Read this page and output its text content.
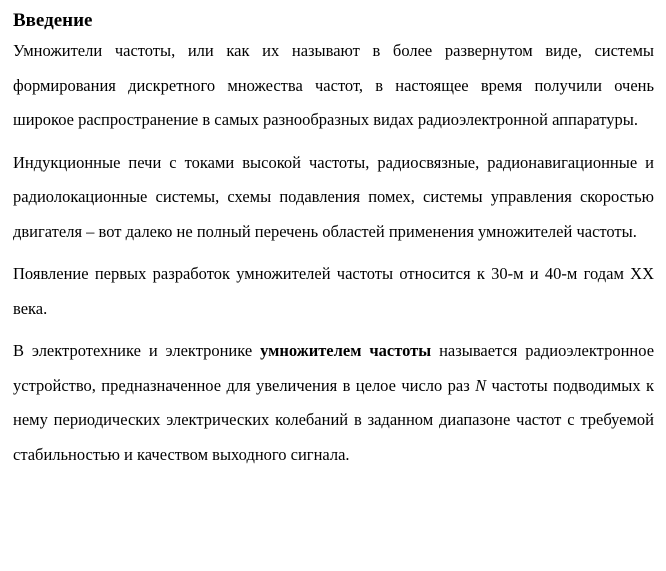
Введение

Умножители частоты, или как их называют в более развернутом виде, системы формирования дискретного множества частот, в настоящее время получили очень широкое распространение в самых разнообразных видах радиоэлектронной аппаратуры.

Индукционные печи с токами высокой частоты, радиосвязные, радионавигационные и радиолокационные системы, схемы подавления помех, системы управления скоростью двигателя – вот далеко не полный перечень областей применения умножителей частоты.

Появление первых разработок умножителей частоты относится к 30-м и 40-м годам XX века.

В электротехнике и электронике умножителем частоты называется радиоэлектронное устройство, предназначенное для увеличения в целое число раз N частоты подводимых к нему периодических электрических колебаний в заданном диапазоне частот с требуемой стабильностью и качеством выходного сигнала.
